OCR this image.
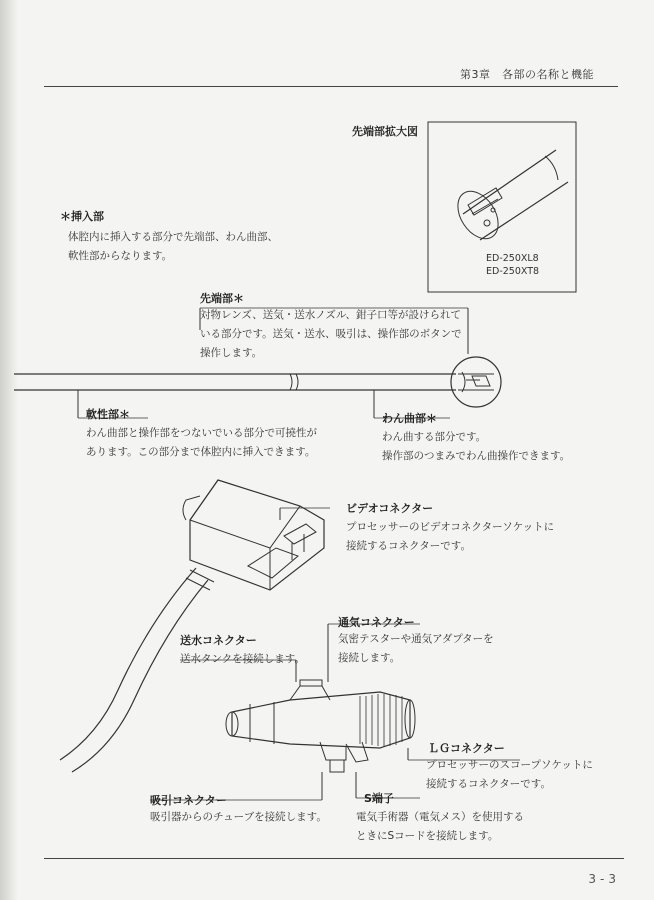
第3章　各部の名称と機能
先端部拡大図
ED-250XL8
ED-250XT8
＊挿入部
体腔内に挿入する部分で先端部、わん曲部、
軟性部からなります。
先端部＊
対物レンズ、送気・送水ノズル、鉗子口等が設けられて
いる部分です。送気・送水、吸引は、操作部のボタンで
操作します。
軟性部＊
わん曲部と操作部をつないでいる部分で可撓性が
あります。この部分まで体腔内に挿入できます。
わん曲部＊
わん曲する部分です。
操作部のつまみでわん曲操作できます。
ビデオコネクター
プロセッサーのビデオコネクターソケットに
接続するコネクターです。
通気コネクター
気密テスターや通気アダプターを
接続します。
送水コネクター
送水タンクを接続します。
ＬＧコネクター
プロセッサーのスコープソケットに
接続するコネクターです。
吸引コネクター
吸引器からのチューブを接続します。
S端子
電気手術器（電気メス）を使用する
ときにSコードを接続します。
3-3
